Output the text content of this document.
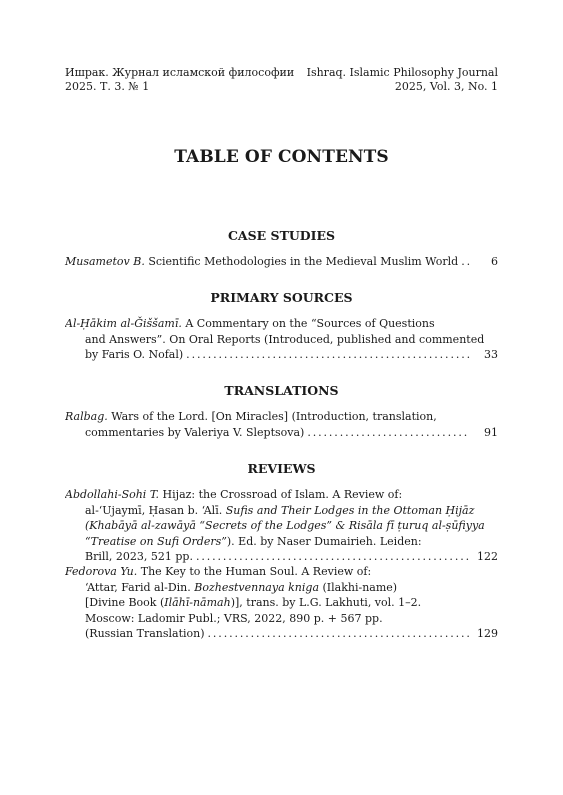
Ишрак. Журнал исламской философии
2025. Т. 3. № 1
Ishraq. Islamic Philosophy Journal
2025, Vol. 3, No. 1
TABLE OF CONTENTS
CASE STUDIES
Musametov B. Scientific Methodologies in the Medieval Muslim World . . .	6
PRIMARY SOURCES
Al-Ḥākim al-Ǧiššamī. A Commentary on the “Sources of Questions
and Answers”. On Oral Reports (Introduced, published and commented
by Faris O. Nofal) . . .	33
TRANSLATIONS
Ralbag. Wars of the Lord. [On Miracles] (Introduction, translation,
commentaries by Valeriya V. Sleptsova) . . .	91
REVIEWS
Abdollahi-Sohi T. Hijaz: the Crossroad of Islam. A Review of:
al-‘Ujaymī, Ḥasan b. ‘Alī. Sufis and Their Lodges in the Ottoman Ḥijāz
(Khabāyā al-zawāyā “Secrets of the Lodges” & Risāla fī ṭuruq al-ṣūfiyya
“Treatise on Sufi Orders”). Ed. by Naser Dumairieh. Leiden:
Brill, 2023, 521 pp. . . .	122
Fedorova Yu. The Key to the Human Soul. A Review of:
‘Attar, Farid al-Din. Bozhestvennaya kniga (Ilakhi-name)
[Divine Book (Ilāhī-nāmah)], trans. by L.G. Lakhuti, vol. 1–2.
Moscow: Ladomir Publ.; VRS, 2022, 890 p. + 567 pp.
(Russian Translation) . . .	129
